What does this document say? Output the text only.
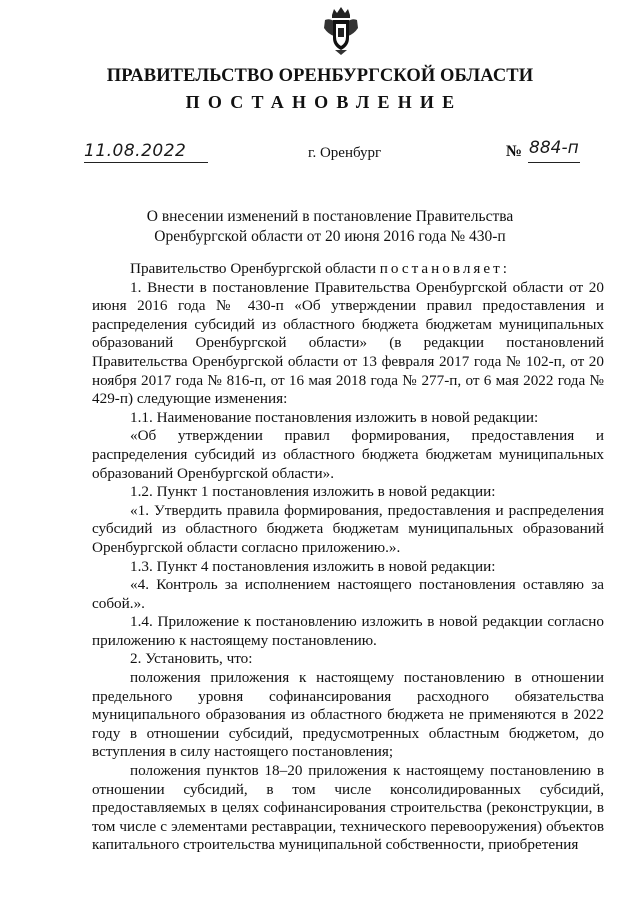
ПРАВИТЕЛЬСТВО ОРЕНБУРГСКОЙ ОБЛАСТИ
ПОСТАНОВЛЕНИЕ
11.08.2022	г. Оренбург	№ 884-п
О внесении изменений в постановление Правительства
Оренбургской области от 20 июня 2016 года № 430-п

Правительство Оренбургской области постановляет:

1. Внести в постановление Правительства Оренбургской области от 20 июня 2016 года № 430-п «Об утверждении правил предоставления и распределения субсидий из областного бюджета бюджетам муниципальных образований Оренбургской области» (в редакции постановлений Правительства Оренбургской области от 13 февраля 2017 года № 102-п, от 20 ноября 2017 года № 816-п, от 16 мая 2018 года № 277-п, от 6 мая 2022 года № 429-п) следующие изменения:

1.1. Наименование постановления изложить в новой редакции:

«Об утверждении правил формирования, предоставления и распределения субсидий из областного бюджета бюджетам муниципальных образований Оренбургской области».

1.2. Пункт 1 постановления изложить в новой редакции:

«1. Утвердить правила формирования, предоставления и распределения субсидий из областного бюджета бюджетам муниципальных образований Оренбургской области согласно приложению.».

1.3. Пункт 4 постановления изложить в новой редакции:

«4. Контроль за исполнением настоящего постановления оставляю за собой.».

1.4. Приложение к постановлению изложить в новой редакции согласно приложению к настоящему постановлению.

2. Установить, что:

положения приложения к настоящему постановлению в отношении предельного уровня софинансирования расходного обязательства муниципального образования из областного бюджета не применяются в 2022 году в отношении субсидий, предусмотренных областным бюджетом, до вступления в силу настоящего постановления;

положения пунктов 18–20 приложения к настоящему постановлению в отношении субсидий, в том числе консолидированных субсидий, предоставляемых в целях софинансирования строительства (реконструкции, в том числе с элементами реставрации, технического перевооружения) объектов капитального строительства муниципальной собственности, приобретения
